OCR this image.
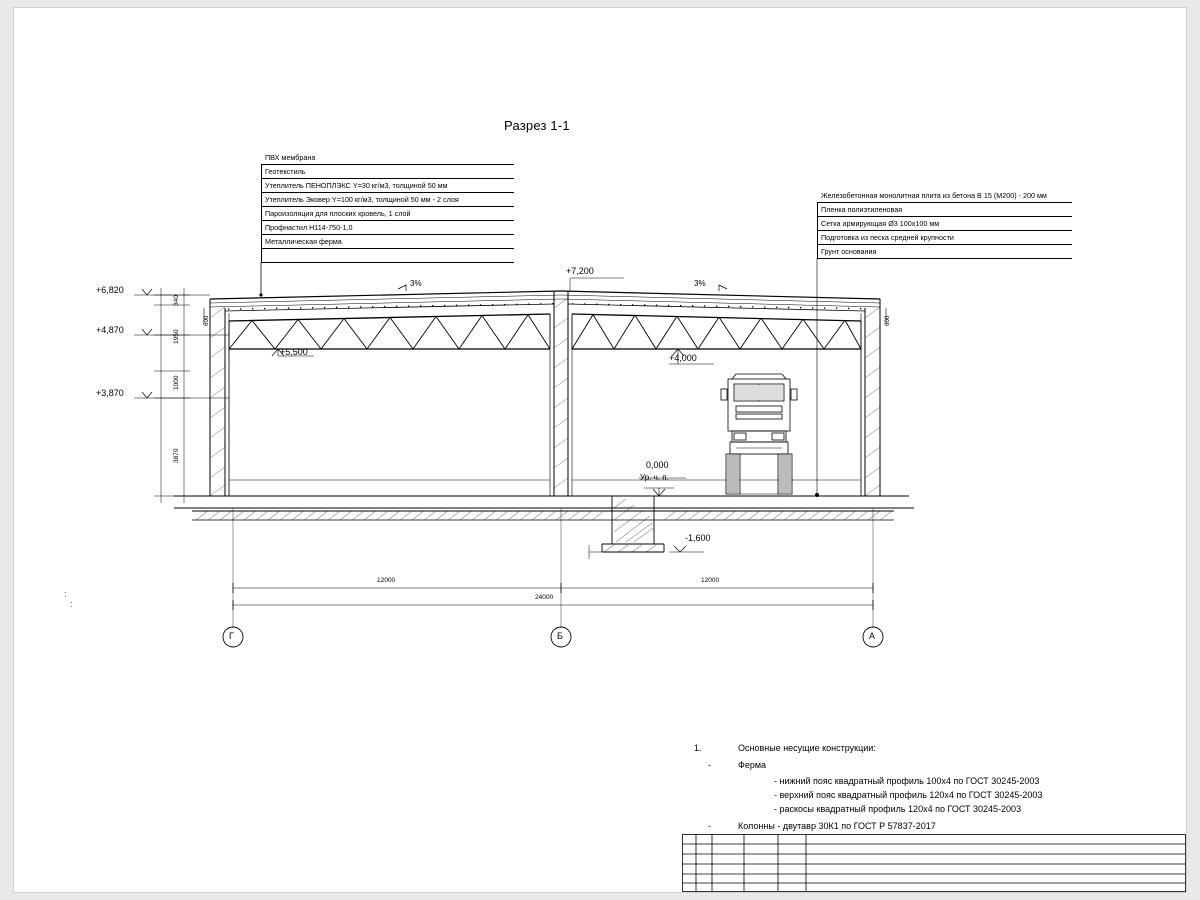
Разрез 1-1
ПВХ мембрана
Геотекстиль
Утеплитель ПЕНОПЛЭКС Y=30 кг/м3, толщиной 50 мм
Утеплитель Эковер Y=100 кг/м3, толщиной 50 мм - 2 слоя
Пароизоляция для плоских кровель, 1 слой
Профнастил Н114-750-1,0
Металлическая ферма
Железобетонная монолитная плита из бетона В 15 (М200) - 200 мм
Пленка полиэтиленовая
Сетка армирующая Ø3 100х100 мм
Подготовка из песка средней крупности
Грунт основания
+6,820
+4,870
+3,870
+7,200
+5,500
+4,000
0,000
Ур. ч. п.
-1,600
3%	3%
340
1950
1000
3870
600	600
12000	12000
24000
Г	Б	А
:
:
1.	Основные несущие конструкции:
-	Ферма
- нижний пояс квадратный профиль 100х4 по ГОСТ 30245-2003
- верхний пояс квадратный профиль 120х4 по ГОСТ 30245-2003
- раскосы квадратный профиль 120х4 по ГОСТ 30245-2003
-	Колонны - двутавр 30К1 по ГОСТ Р 57837-2017
